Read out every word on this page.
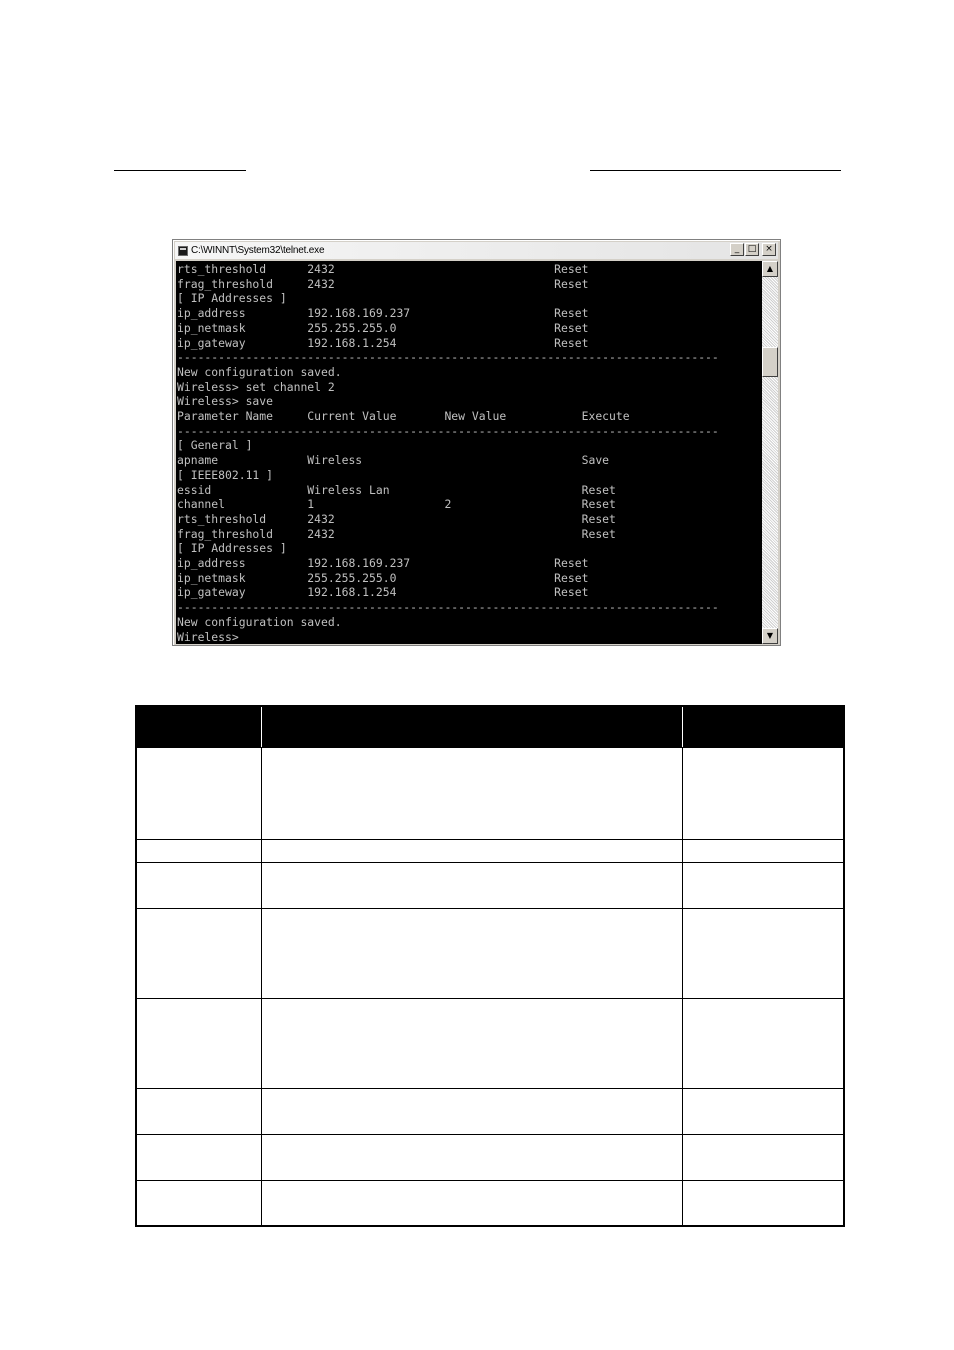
C:\WINNT\System32\telnet.exe	_ □ ×
rts_threshold      2432                                Reset
frag_threshold     2432                                Reset
[ IP Addresses ]
ip_address         192.168.169.237                     Reset
ip_netmask         255.255.255.0                       Reset
ip_gateway         192.168.1.254                       Reset
-------------------------------------------------------------------------------
New configuration saved.
Wireless> set channel 2
Wireless> save
Parameter Name     Current Value       New Value           Execute
-------------------------------------------------------------------------------
[ General ]
apname             Wireless                                Save
[ IEEE802.11 ]
essid              Wireless Lan                            Reset
channel            1                   2                   Reset
rts_threshold      2432                                    Reset
frag_threshold     2432                                    Reset
[ IP Addresses ]
ip_address         192.168.169.237                     Reset
ip_netmask         255.255.255.0                       Reset
ip_gateway         192.168.1.254                       Reset
-------------------------------------------------------------------------------
New configuration saved.
Wireless>
▲
▼
